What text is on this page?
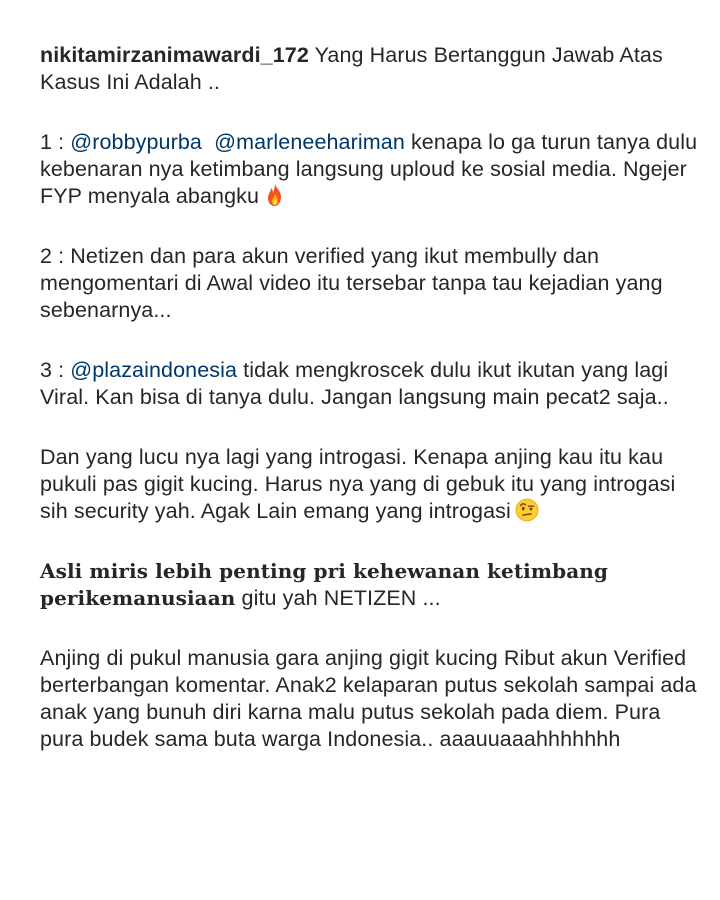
nikitamirzanimawardi_172 Yang Harus Bertanggun Jawab Atas Kasus Ini Adalah ..

1 : @robbypurba @marleneehariman kenapa lo ga turun tanya dulu kebenaran nya ketimbang langsung uploud ke sosial media. Ngejer FYP menyala abangku

2 : Netizen dan para akun verified yang ikut membully dan mengomentari di Awal video itu tersebar tanpa tau kejadian yang sebenarnya...

3 : @plazaindonesia tidak mengkroscek dulu ikut ikutan yang lagi Viral. Kan bisa di tanya dulu. Jangan langsung main pecat2 saja..

Dan yang lucu nya lagi yang introgasi. Kenapa anjing kau itu kau pukuli pas gigit kucing. Harus nya yang di gebuk itu yang introgasi sih security yah. Agak Lain emang yang introgasi

Asli miris lebih penting pri kehewanan ketimbang perikemanusiaan gitu yah NETIZEN ...

Anjing di pukul manusia gara anjing gigit kucing Ribut akun Verified berterbangan komentar. Anak2 kelaparan putus sekolah sampai ada anak yang bunuh diri karna malu putus sekolah pada diem. Pura pura budek sama buta warga Indonesia.. aaauuaaahhhhhhh
